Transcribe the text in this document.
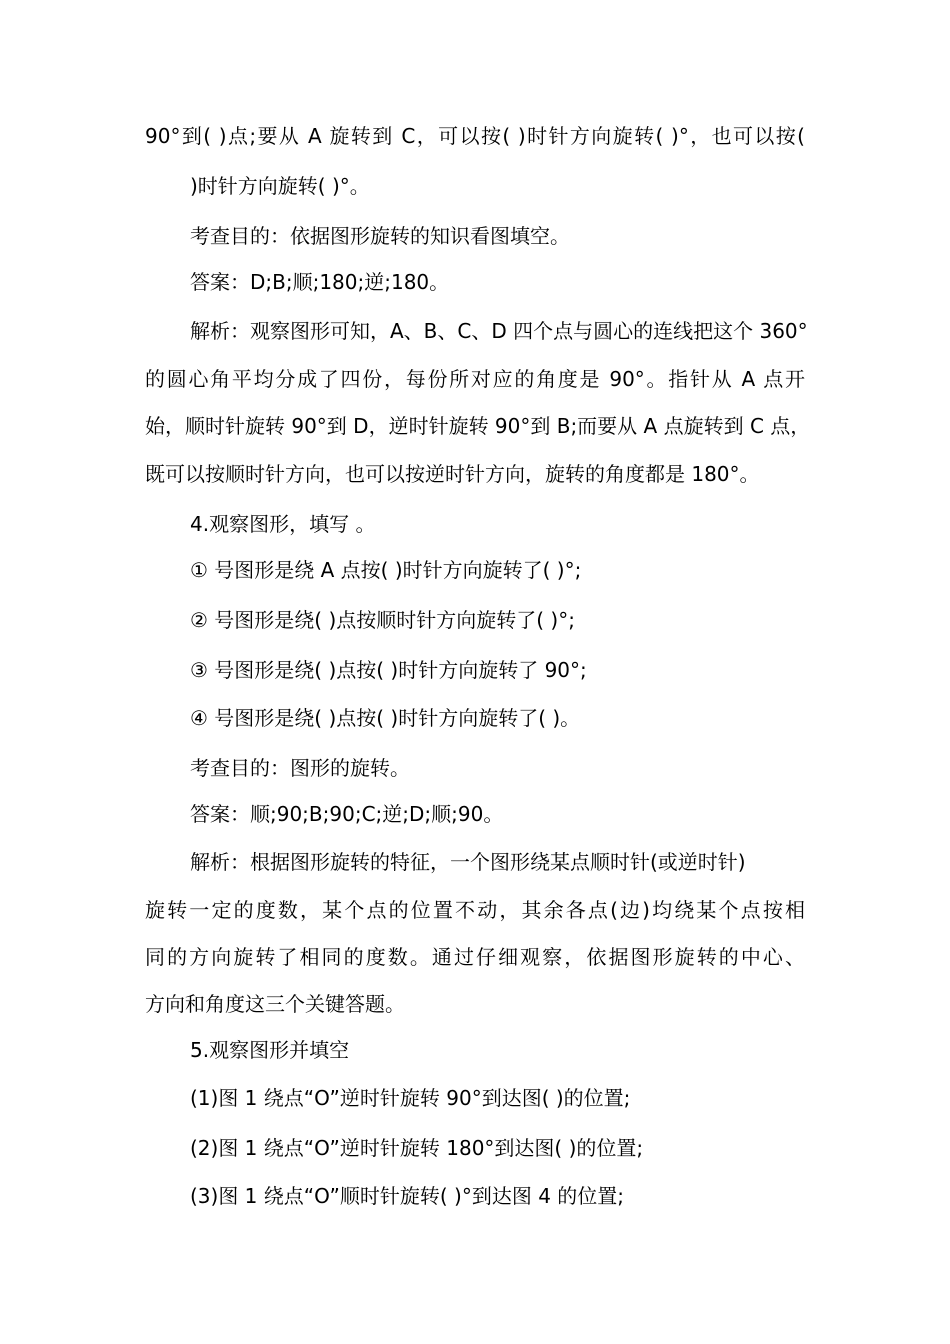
90°到( )点;要从 A 旋转到 C，可以按( )时针方向旋转( )°，也可以按(
)时针方向旋转( )°。
考查目的：依据图形旋转的知识看图填空。
答案：D;B;顺;180;逆;180。
解析：观察图形可知，A、B、C、D 四个点与圆心的连线把这个 360°
的圆心角平均分成了四份，每份所对应的角度是 90°。指针从 A 点开
始，顺时针旋转 90°到 D，逆时针旋转 90°到 B;而要从 A 点旋转到 C 点，
既可以按顺时针方向，也可以按逆时针方向，旋转的角度都是 180°。
4.观察图形，填写 。
① 号图形是绕 A 点按( )时针方向旋转了( )°;
② 号图形是绕( )点按顺时针方向旋转了( )°;
③ 号图形是绕( )点按( )时针方向旋转了 90°;
④ 号图形是绕( )点按( )时针方向旋转了( )。
考查目的：图形的旋转。
答案：顺;90;B;90;C;逆;D;顺;90。
解析：根据图形旋转的特征，一个图形绕某点顺时针(或逆时针)
旋转一定的度数，某个点的位置不动，其余各点(边)均绕某个点按相
同的方向旋转了相同的度数。通过仔细观察，依据图形旋转的中心、
方向和角度这三个关键答题。
5.观察图形并填空
(1)图 1 绕点“O”逆时针旋转 90°到达图( )的位置;
(2)图 1 绕点“O”逆时针旋转 180°到达图( )的位置;
(3)图 1 绕点“O”顺时针旋转( )°到达图 4 的位置;
